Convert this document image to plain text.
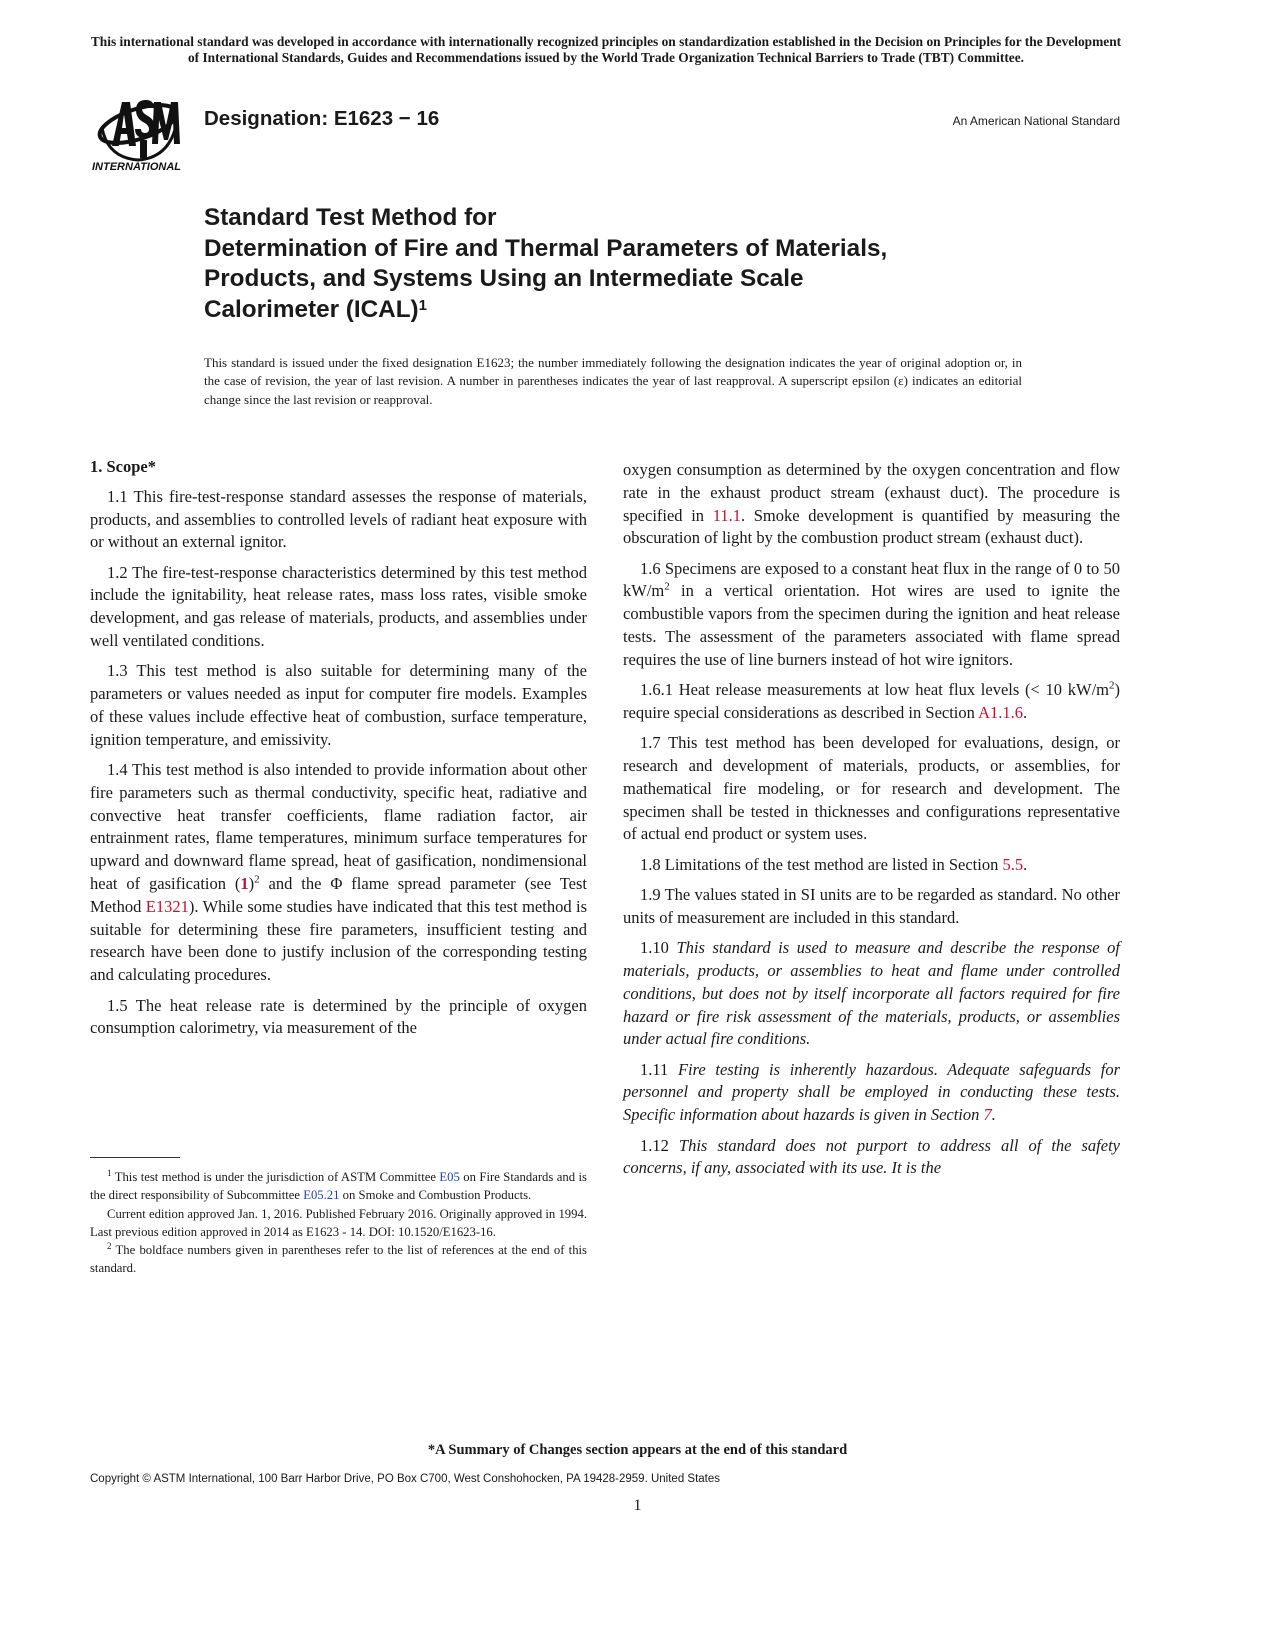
This international standard was developed in accordance with internationally recognized principles on standardization established in the Decision on Principles for the Development of International Standards, Guides and Recommendations issued by the World Trade Organization Technical Barriers to Trade (TBT) Committee.
INTERNATIONAL
Designation: E1623 − 16	An American National Standard
Standard Test Method for
Determination of Fire and Thermal Parameters of Materials,
Products, and Systems Using an Intermediate Scale
Calorimeter (ICAL)$^1$
This standard is issued under the fixed designation E1623; the number immediately following the designation indicates the year of original adoption or, in the case of revision, the year of last revision. A number in parentheses indicates the year of last reapproval. A superscript epsilon (ε) indicates an editorial change since the last revision or reapproval.
1. Scope*

1.1 This fire-test-response standard assesses the response of materials, products, and assemblies to controlled levels of radiant heat exposure with or without an external ignitor.

1.2 The fire-test-response characteristics determined by this test method include the ignitability, heat release rates, mass loss rates, visible smoke development, and gas release of materials, products, and assemblies under well ventilated conditions.

1.3 This test method is also suitable for determining many of the parameters or values needed as input for computer fire models. Examples of these values include effective heat of combustion, surface temperature, ignition temperature, and emissivity.

1.4 This test method is also intended to provide information about other fire parameters such as thermal conductivity, specific heat, radiative and convective heat transfer coefficients, flame radiation factor, air entrainment rates, flame temperatures, minimum surface temperatures for upward and downward flame spread, heat of gasification, nondimensional heat of gasification $(1)^2$ and the Φ flame spread parameter (see Test Method E1321). While some studies have indicated that this test method is suitable for determining these fire parameters, insufficient testing and research have been done to justify inclusion of the corresponding testing and calculating procedures.

1.5 The heat release rate is determined by the principle of oxygen consumption calorimetry, via measurement of the

oxygen consumption as determined by the oxygen concentration and flow rate in the exhaust product stream (exhaust duct). The procedure is specified in 11.1. Smoke development is quantified by measuring the obscuration of light by the combustion product stream (exhaust duct).

1.6 Specimens are exposed to a constant heat flux in the range of 0 to 50 $kW/m^2$ in a vertical orientation. Hot wires are used to ignite the combustible vapors from the specimen during the ignition and heat release tests. The assessment of the parameters associated with flame spread requires the use of line burners instead of hot wire ignitors.

1.6.1 Heat release measurements at low heat flux levels (< 10 $kW/m^2$) require special considerations as described in Section A1.1.6.

1.7 This test method has been developed for evaluations, design, or research and development of materials, products, or assemblies, for mathematical fire modeling, or for research and development. The specimen shall be tested in thicknesses and configurations representative of actual end product or system uses.

1.8 Limitations of the test method are listed in Section 5.5.

1.9 The values stated in SI units are to be regarded as standard. No other units of measurement are included in this standard.

1.10 This standard is used to measure and describe the response of materials, products, or assemblies to heat and flame under controlled conditions, but does not by itself incorporate all factors required for fire hazard or fire risk assessment of the materials, products, or assemblies under actual fire conditions.

1.11 Fire testing is inherently hazardous. Adequate safeguards for personnel and property shall be employed in conducting these tests. Specific information about hazards is given in Section 7.

1.12 This standard does not purport to address all of the safety concerns, if any, associated with its use. It is the

$^1$ This test method is under the jurisdiction of ASTM Committee E05 on Fire Standards and is the direct responsibility of Subcommittee E05.21 on Smoke and Combustion Products.

Current edition approved Jan. 1, 2016. Published February 2016. Originally approved in 1994. Last previous edition approved in 2014 as E1623 - 14. DOI: 10.1520/E1623-16.

$^2$ The boldface numbers given in parentheses refer to the list of references at the end of this standard.

*A Summary of Changes section appears at the end of this standard
Copyright © ASTM International, 100 Barr Harbor Drive, PO Box C700, West Conshohocken, PA 19428-2959. United States
1
